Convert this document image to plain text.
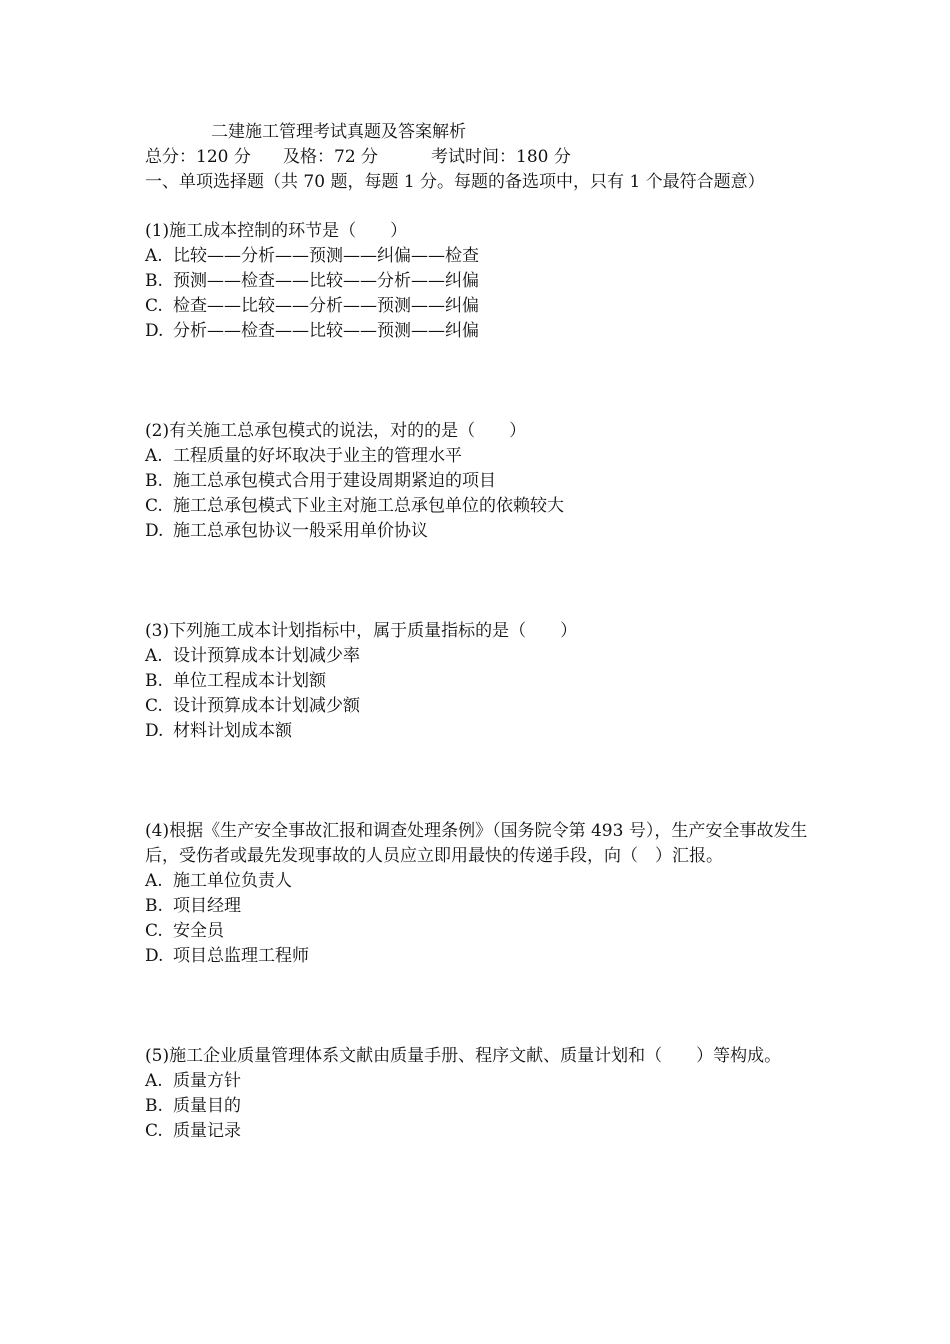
二建施工管理考试真题及答案解析
总分：120 分	及格：72 分	考试时间：180 分

一、单项选择题（共 70 题，每题 1 分。每题的备选项中，只有 1 个最符合题意）

(1)施工成本控制的环节是（　　）

A. 比较——分析——预测——纠偏——检查
B. 预测——检查——比较——分析——纠偏
C. 检查——比较——分析——预测——纠偏
D. 分析——检查——比较——预测——纠偏

(2)有关施工总承包模式的说法，对的的是（　　）

A. 工程质量的好坏取决于业主的管理水平
B. 施工总承包模式合用于建设周期紧迫的项目
C. 施工总承包模式下业主对施工总承包单位的依赖较大
D. 施工总承包协议一般采用单价协议

(3)下列施工成本计划指标中，属于质量指标的是（　　）

A. 设计预算成本计划减少率
B. 单位工程成本计划额
C. 设计预算成本计划减少额
D. 材料计划成本额

(4)根据《生产安全事故汇报和调查处理条例》（国务院令第 493 号），生产安全事故发生后，受伤者或最先发现事故的人员应立即用最快的传递手段，向（　）汇报。

A. 施工单位负责人
B. 项目经理
C. 安全员
D. 项目总监理工程师

(5)施工企业质量管理体系文献由质量手册、程序文献、质量计划和（　　）等构成。

A. 质量方针
B. 质量目的
C. 质量记录
